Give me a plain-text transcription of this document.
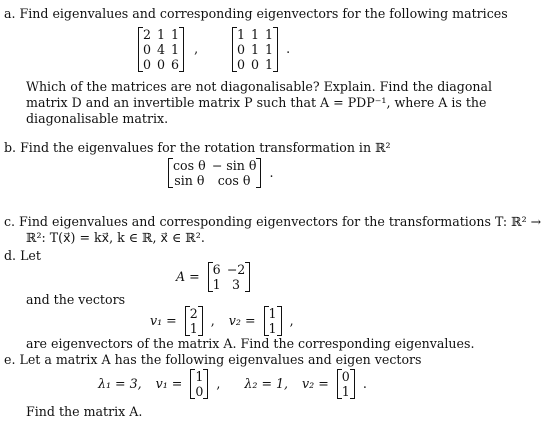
a. Find eigenvalues and corresponding eigenvectors for the following matrices
2	1	1
0	4	1
0	0	6
,
1	1	1
0	1	1
0	0	1
.
Which of the matrices are not diagonalisable? Explain. Find the diagonal
matrix D and an invertible matrix P such that A = PDP⁻¹, where A is the
diagonalisable matrix.
b. Find the eigenvalues for the rotation transformation in ℝ²
cos θ	− sin θ
sin θ	cos θ
.
c. Find eigenvalues and corresponding eigenvectors for the transformations T: ℝ² →
ℝ²: T(x⃗) = kx⃗, k ∈ ℝ, x⃗ ∈ ℝ².
d. Let
A = 6	−2
1	3
and the vectors
v₁ = 2
1
, v₂ = 1
1
,
are eigenvectors of the matrix A. Find the corresponding eigenvalues.
e. Let a matrix A has the following eigenvalues and eigen vectors
λ₁ = 3, v₁ = 1
0
, λ₂ = 1, v₂ = 0
1
.
Find the matrix A.
